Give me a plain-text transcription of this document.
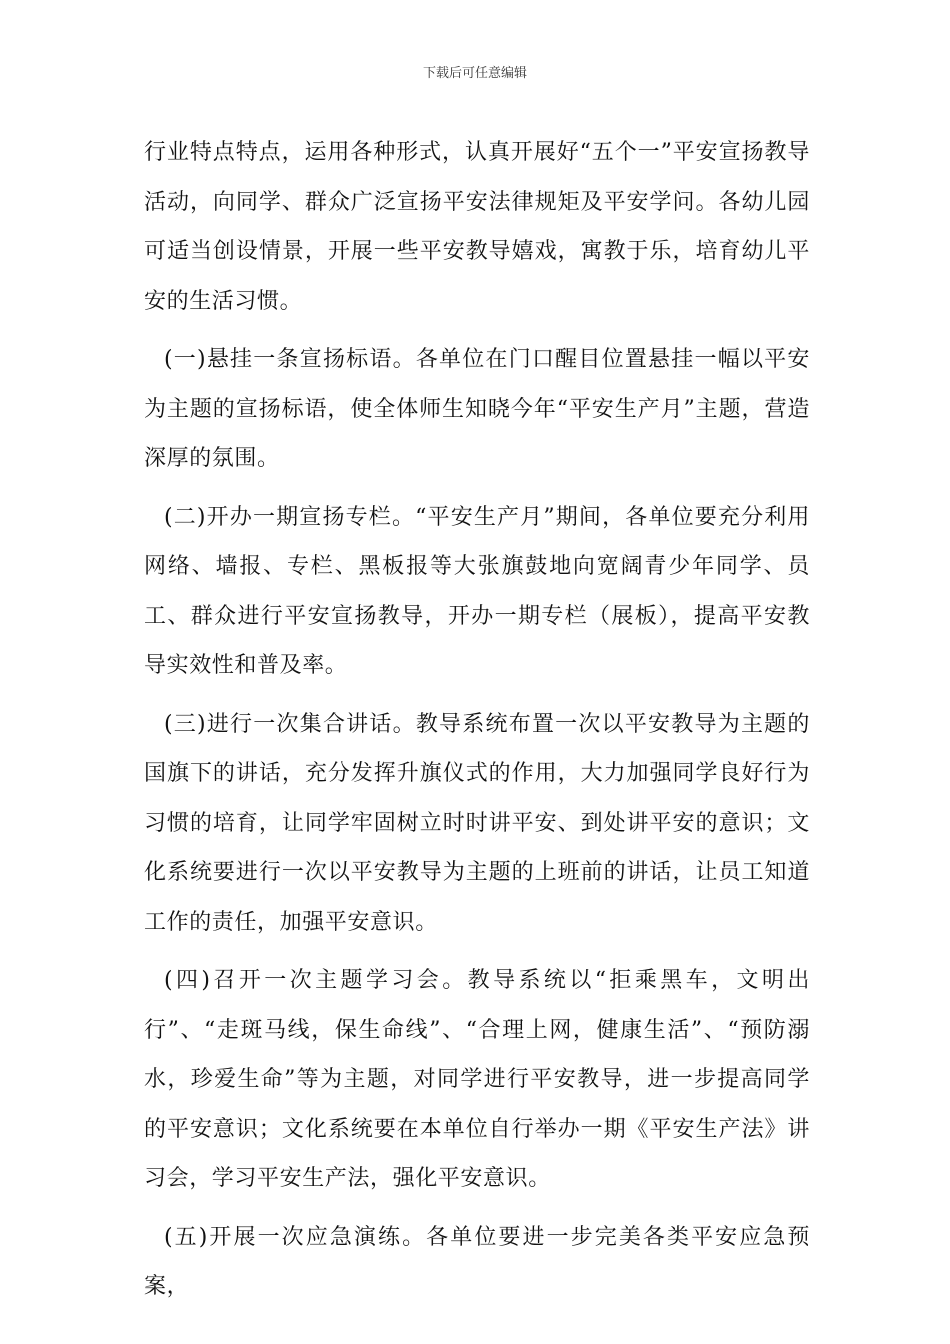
下载后可任意编辑

行业特点特点，运用各种形式，认真开展好“五个一”平安宣扬教导活动，向同学、群众广泛宣扬平安法律规矩及平安学问。各幼儿园可适当创设情景，开展一些平安教导嬉戏，寓教于乐，培育幼儿平安的生活习惯。

(一)悬挂一条宣扬标语。各单位在门口醒目位置悬挂一幅以平安为主题的宣扬标语，使全体师生知晓今年“平安生产月”主题，营造深厚的氛围。

(二)开办一期宣扬专栏。“平安生产月”期间，各单位要充分利用网络、墙报、专栏、黑板报等大张旗鼓地向宽阔青少年同学、员工、群众进行平安宣扬教导，开办一期专栏（展板），提高平安教导实效性和普及率。

(三)进行一次集合讲话。教导系统布置一次以平安教导为主题的国旗下的讲话，充分发挥升旗仪式的作用，大力加强同学良好行为习惯的培育，让同学牢固树立时时讲平安、到处讲平安的意识；文化系统要进行一次以平安教导为主题的上班前的讲话，让员工知道工作的责任，加强平安意识。

(四)召开一次主题学习会。教导系统以“拒乘黑车，文明出行”、“走斑马线，保生命线”、“合理上网，健康生活”、“预防溺水，珍爱生命”等为主题，对同学进行平安教导，进一步提高同学的平安意识；文化系统要在本单位自行举办一期《平安生产法》讲习会，学习平安生产法，强化平安意识。

(五)开展一次应急演练。各单位要进一步完美各类平安应急预案，
